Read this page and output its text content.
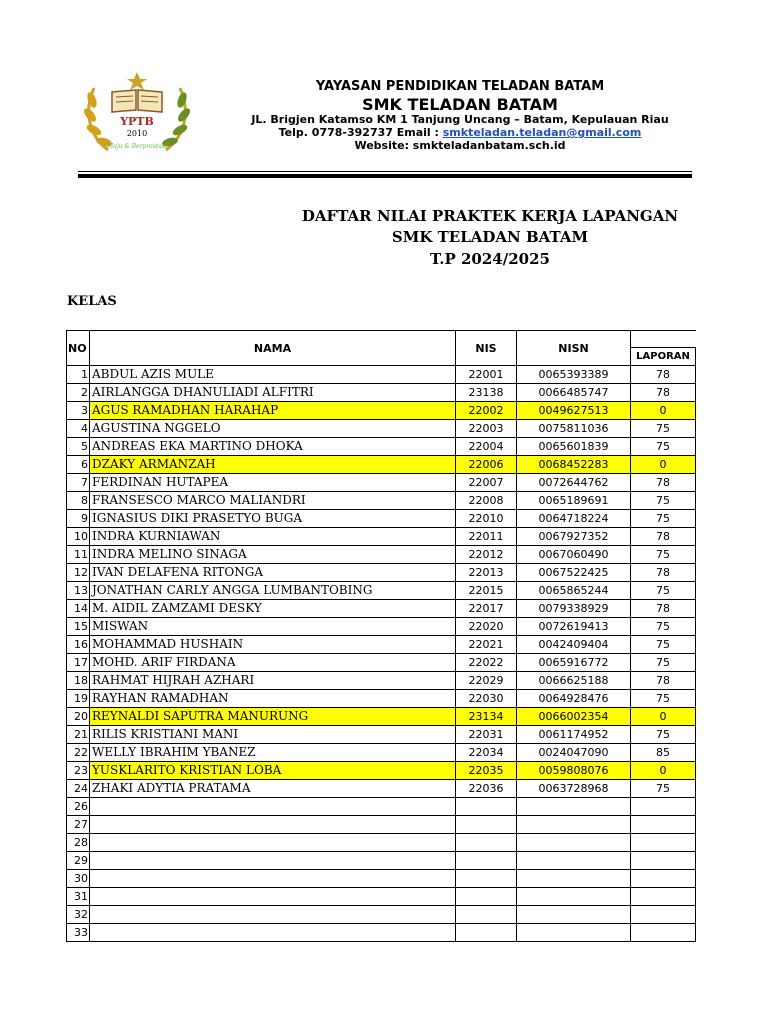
YPTB
2010
Maju & Berprestasi
YAYASAN PENDIDIKAN TELADAN BATAM
SMK TELADAN BATAM
JL. Brigjen Katamso KM 1 Tanjung Uncang – Batam, Kepulauan Riau
Telp. 0778-392737 Email : smkteladan.teladan@gmail.com
Website: smkteladanbatam.sch.id
DAFTAR NILAI PRAKTEK KERJA LAPANGAN
SMK TELADAN BATAM
T.P 2024/2025
KELAS
NO	NAMA	NIS	NISN	
				LAPORAN
1	ABDUL AZIS MULE	22001	0065393389	78
2	AIRLANGGA DHANULIADI ALFITRI	23138	0066485747	78
3	AGUS RAMADHAN HARAHAP	22002	0049627513	0
4	AGUSTINA NGGELO	22003	0075811036	75
5	ANDREAS EKA MARTINO DHOKA	22004	0065601839	75
6	DZAKY ARMANZAH	22006	0068452283	0
7	FERDINAN HUTAPEA	22007	0072644762	78
8	FRANSESCO MARCO MALIANDRI	22008	0065189691	75
9	IGNASIUS DIKI PRASETYO BUGA	22010	0064718224	75
10	INDRA KURNIAWAN	22011	0067927352	78
11	INDRA MELINO SINAGA	22012	0067060490	75
12	IVAN DELAFENA RITONGA	22013	0067522425	78
13	JONATHAN CARLY ANGGA LUMBANTOBING	22015	0065865244	75
14	M. AIDIL ZAMZAMI DESKY	22017	0079338929	78
15	MISWAN	22020	0072619413	75
16	MOHAMMAD HUSHAIN	22021	0042409404	75
17	MOHD. ARIF FIRDANA	22022	0065916772	75
18	RAHMAT HIJRAH AZHARI	22029	0066625188	78
19	RAYHAN RAMADHAN	22030	0064928476	75
20	REYNALDI SAPUTRA MANURUNG	23134	0066002354	0
21	RILIS KRISTIANI MANI	22031	0061174952	75
22	WELLY IBRAHIM YBANEZ	22034	0024047090	85
23	YUSKLARITO KRISTIAN LOBA	22035	0059808076	0
24	ZHAKI ADYTIA PRATAMA	22036	0063728968	75
26				
27				
28				
29				
30				
31				
32				
33				
